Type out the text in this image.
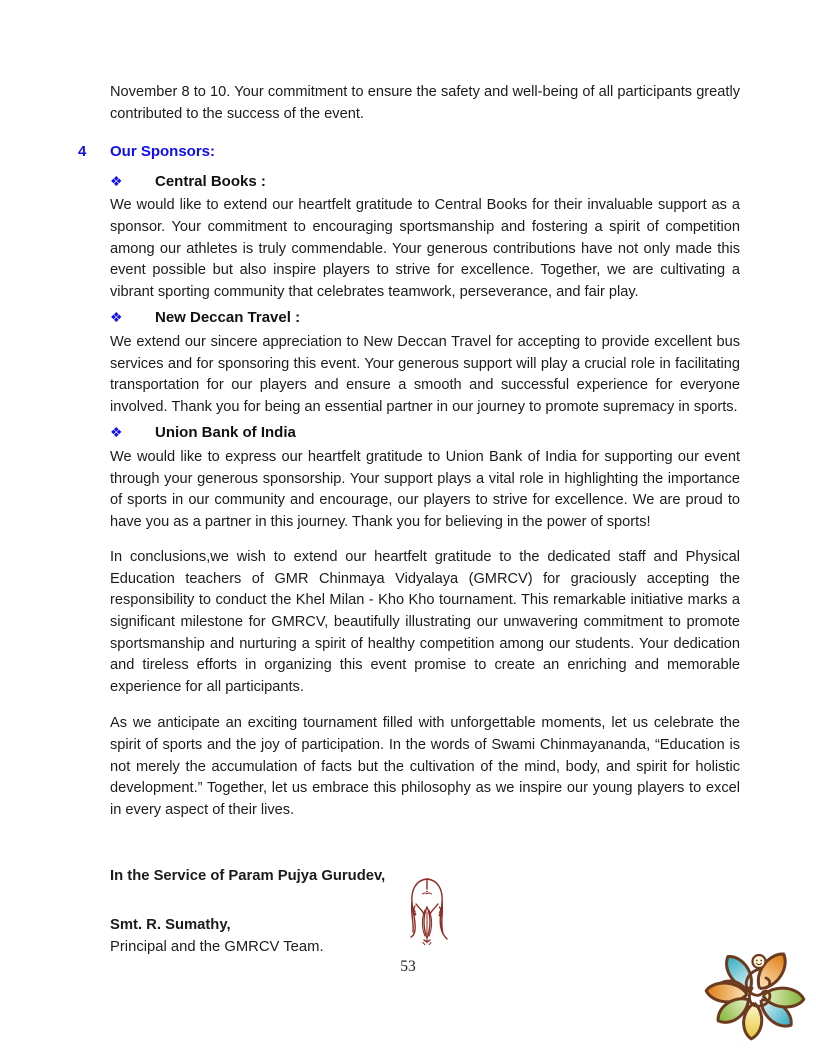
November 8 to 10. Your commitment to ensure the safety and well-being of all participants greatly contributed to the success of the event.

4 Our Sponsors:
❖	Central Books :

We would like to extend our heartfelt gratitude to Central Books for their invaluable support as a sponsor. Your commitment to encouraging sportsmanship and fostering a spirit of competition among our athletes is truly commendable. Your generous contributions have not only made this event possible but also inspire players to strive for excellence. Together, we are cultivating a vibrant sporting community that celebrates teamwork, perseverance, and fair play.

❖	New Deccan Travel :

We extend our sincere appreciation to New Deccan Travel for accepting to provide excellent bus services and for sponsoring this event. Your generous support will play a crucial role in facilitating transportation for our players and ensure a smooth and successful experience for everyone involved. Thank you for being an essential partner in our journey to promote supremacy in sports.

❖	Union Bank of India

We would like to express our heartfelt gratitude to Union Bank of India for supporting our event through your generous sponsorship. Your support plays a vital role in highlighting the importance of sports in our community and encourage, our players to strive for excellence. We are proud to have you as a partner in this journey. Thank you for believing in the power of sports!

In conclusions,we wish to extend our heartfelt gratitude to the dedicated staff and Physical Education teachers of GMR Chinmaya Vidyalaya (GMRCV) for graciously accepting the responsibility to conduct the Khel Milan - Kho Kho tournament. This remarkable initiative marks a significant milestone for GMRCV, beautifully illustrating our unwavering commitment to promote sportsmanship and nurturing a spirit of healthy competition among our students. Your dedication and tireless efforts in organizing this event promise to create an enriching and memorable experience for all participants.

As we anticipate an exciting tournament filled with unforgettable moments, let us celebrate the spirit of sports and the joy of participation. In the words of Swami Chinmayananda, “Education is not merely the accumulation of facts but the cultivation of the mind, body, and spirit for holistic development.” Together, let us embrace this philosophy as we inspire our young players to excel in every aspect of their lives.

In the Service of Param Pujya Gurudev,

Smt. R. Sumathy,

Principal and the GMRCV Team.

53
